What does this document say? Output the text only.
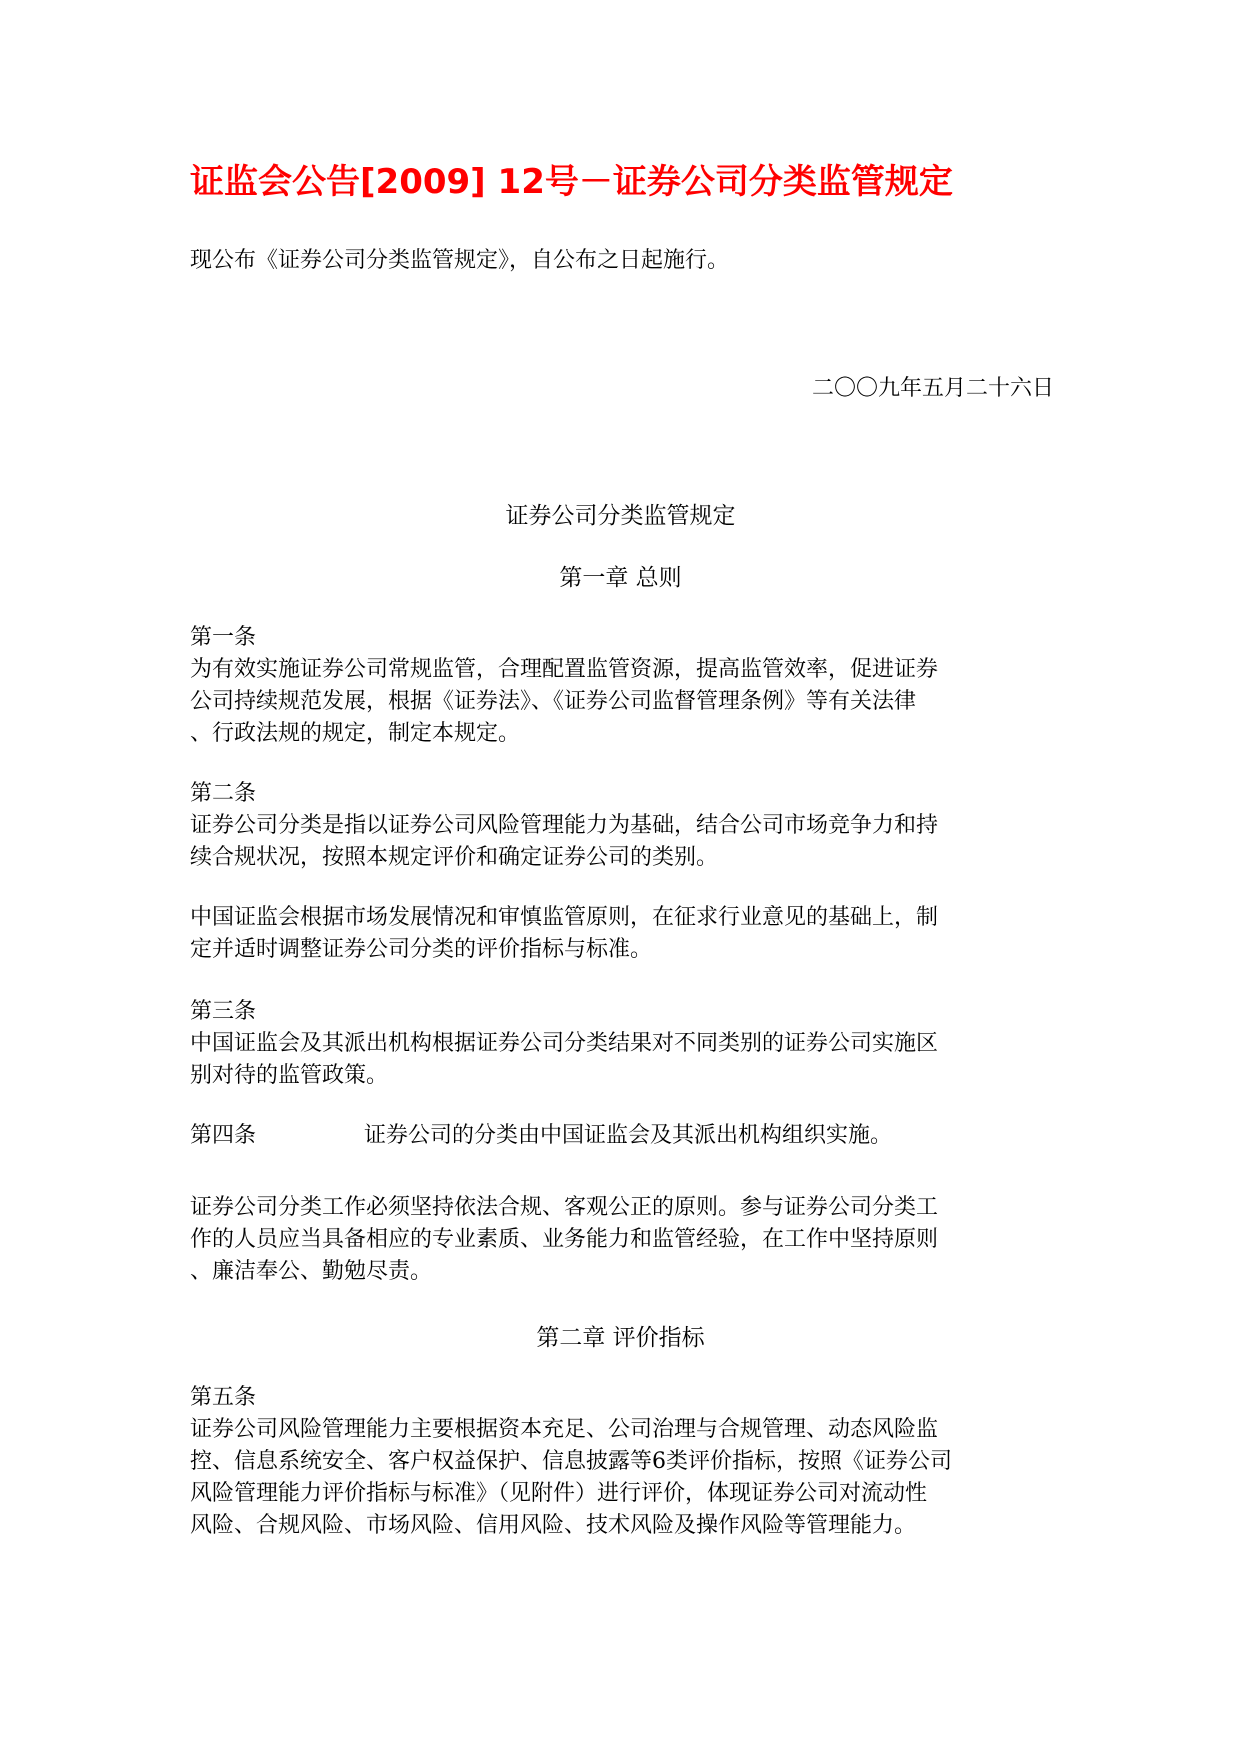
证监会公告[2009] 12号－证券公司分类监管规定
现公布《证券公司分类监管规定》，自公布之日起施行。
二〇〇九年五月二十六日
证券公司分类监管规定
第一章 总则
第一条
为有效实施证券公司常规监管，合理配置监管资源，提高监管效率，促进证券
公司持续规范发展，根据《证券法》、《证券公司监督管理条例》等有关法律
、行政法规的规定，制定本规定。
第二条
证券公司分类是指以证券公司风险管理能力为基础，结合公司市场竞争力和持
续合规状况，按照本规定评价和确定证券公司的类别。
中国证监会根据市场发展情况和审慎监管原则，在征求行业意见的基础上，制
定并适时调整证券公司分类的评价指标与标准。
第三条
中国证监会及其派出机构根据证券公司分类结果对不同类别的证券公司实施区
别对待的监管政策。
第四条	证券公司的分类由中国证监会及其派出机构组织实施。
证券公司分类工作必须坚持依法合规、客观公正的原则。参与证券公司分类工
作的人员应当具备相应的专业素质、业务能力和监管经验，在工作中坚持原则
、廉洁奉公、勤勉尽责。
第二章 评价指标
第五条
证券公司风险管理能力主要根据资本充足、公司治理与合规管理、动态风险监
控、信息系统安全、客户权益保护、信息披露等6类评价指标，按照《证券公司
风险管理能力评价指标与标准》（见附件）进行评价，体现证券公司对流动性
风险、合规风险、市场风险、信用风险、技术风险及操作风险等管理能力。
